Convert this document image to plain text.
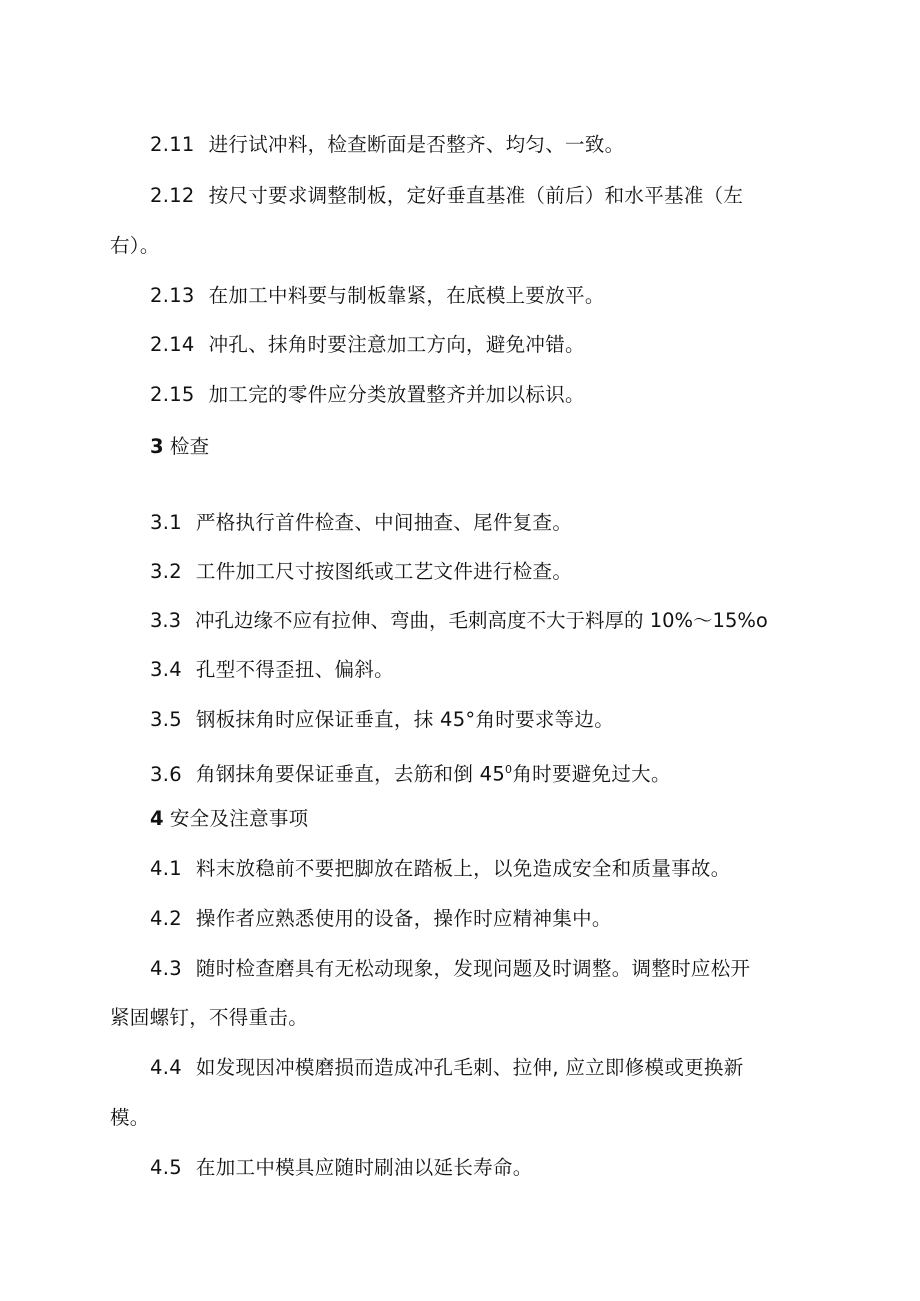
2.11 进行试冲料，检查断面是否整齐、均匀、一致。
2.12 按尺寸要求调整制板，定好垂直基准（前后）和水平基准（左
右）。
2.13 在加工中料要与制板靠紧，在底模上要放平。
2.14 冲孔、抹角时要注意加工方向，避免冲错。
2.15 加工完的零件应分类放置整齐并加以标识。
3 检查
3.1 严格执行首件检查、中间抽查、尾件复查。
3.2 工件加工尺寸按图纸或工艺文件进行检查。
3.3 冲孔边缘不应有拉伸、弯曲，毛刺高度不大于料厚的 10%～15%o
3.4 孔型不得歪扭、偏斜。
3.5 钢板抹角时应保证垂直，抹 45°角时要求等边。
3.6 角钢抹角要保证垂直，去筋和倒 $45^0$角时要避免过大。
4 安全及注意事项
4.1 料末放稳前不要把脚放在踏板上，以免造成安全和质量事故。
4.2 操作者应熟悉使用的设备，操作时应精神集中。
4.3 随时检查磨具有无松动现象，发现问题及时调整。调整时应松开
紧固螺钉，不得重击。
4.4 如发现因冲模磨损而造成冲孔毛刺、拉伸, 应立即修模或更换新
模。
4.5 在加工中模具应随时刷油以延长寿命。
